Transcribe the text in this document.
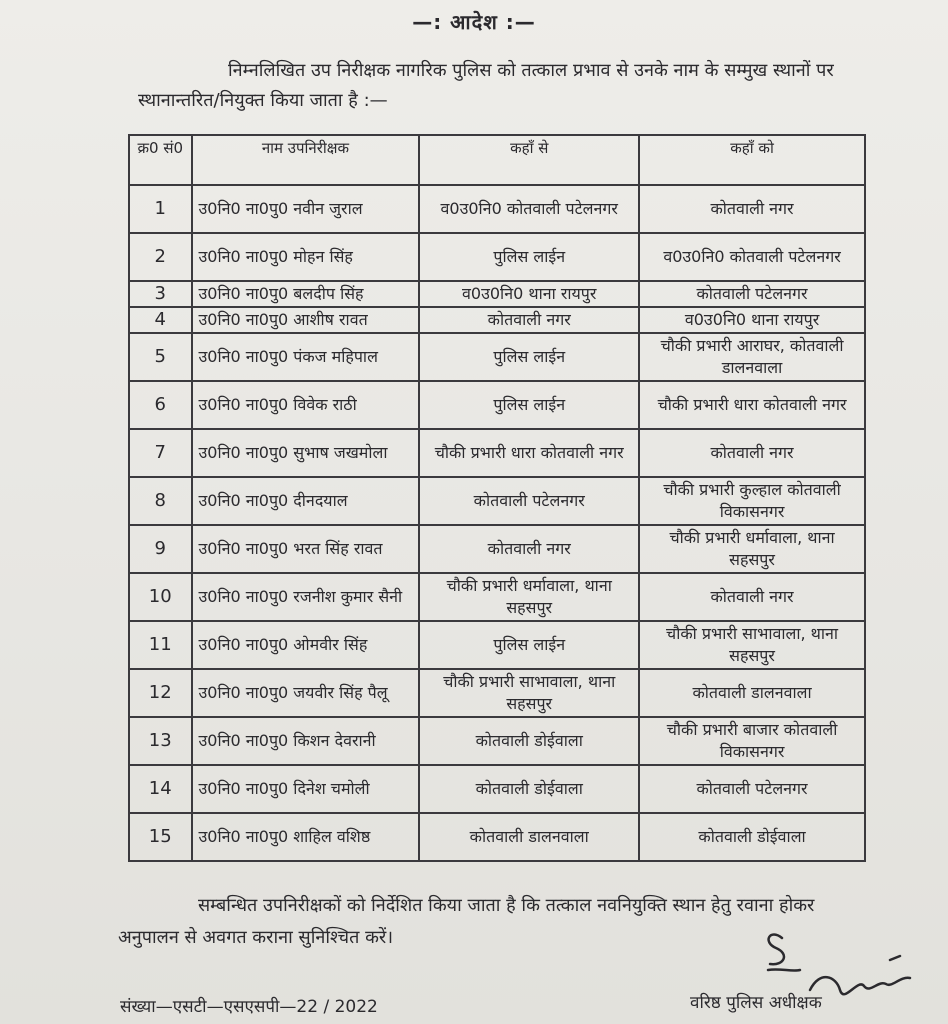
—: आदेश :—
निम्नलिखित उप निरीक्षक नागरिक पुलिस को तत्काल प्रभाव से उनके नाम के सम्मुख स्थानों पर स्थानान्तरित/नियुक्त किया जाता है :—
क्र0 सं0	नाम उपनिरीक्षक	कहाँ से	कहाँ को
1	उ0नि0 ना0पु0 नवीन जुराल	व0उ0नि0 कोतवाली पटेलनगर	कोतवाली नगर
2	उ0नि0 ना0पु0 मोहन सिंह	पुलिस लाईन	व0उ0नि0 कोतवाली पटेलनगर
3	उ0नि0 ना0पु0 बलदीप सिंह	व0उ0नि0 थाना रायपुर	कोतवाली पटेलनगर
4	उ0नि0 ना0पु0 आशीष रावत	कोतवाली नगर	व0उ0नि0 थाना रायपुर
5	उ0नि0 ना0पु0 पंकज महिपाल	पुलिस लाईन	चौकी प्रभारी आराघर, कोतवाली डालनवाला
6	उ0नि0 ना0पु0 विवेक राठी	पुलिस लाईन	चौकी प्रभारी धारा कोतवाली नगर
7	उ0नि0 ना0पु0 सुभाष जखमोला	चौकी प्रभारी धारा कोतवाली नगर	कोतवाली नगर
8	उ0नि0 ना0पु0 दीनदयाल	कोतवाली पटेलनगर	चौकी प्रभारी कुल्हाल कोतवाली विकासनगर
9	उ0नि0 ना0पु0 भरत सिंह रावत	कोतवाली नगर	चौकी प्रभारी धर्मावाला, थाना सहसपुर
10	उ0नि0 ना0पु0 रजनीश कुमार सैनी	चौकी प्रभारी धर्मावाला, थाना सहसपुर	कोतवाली नगर
11	उ0नि0 ना0पु0 ओमवीर सिंह	पुलिस लाईन	चौकी प्रभारी साभावाला, थाना सहसपुर
12	उ0नि0 ना0पु0 जयवीर सिंह पैलू	चौकी प्रभारी साभावाला, थाना सहसपुर	कोतवाली डालनवाला
13	उ0नि0 ना0पु0 किशन देवरानी	कोतवाली डोईवाला	चौकी प्रभारी बाजार कोतवाली विकासनगर
14	उ0नि0 ना0पु0 दिनेश चमोली	कोतवाली डोईवाला	कोतवाली पटेलनगर
15	उ0नि0 ना0पु0 शाहिल वशिष्ठ	कोतवाली डालनवाला	कोतवाली डोईवाला
सम्बन्धित उपनिरीक्षकों को निर्देशित किया जाता है कि तत्काल नवनियुक्ति स्थान हेतु रवाना होकर अनुपालन से अवगत कराना सुनिश्चित करें।
संख्या—एसटी—एसएसपी—22 / 2022	वरिष्ठ पुलिस अधीक्षक
